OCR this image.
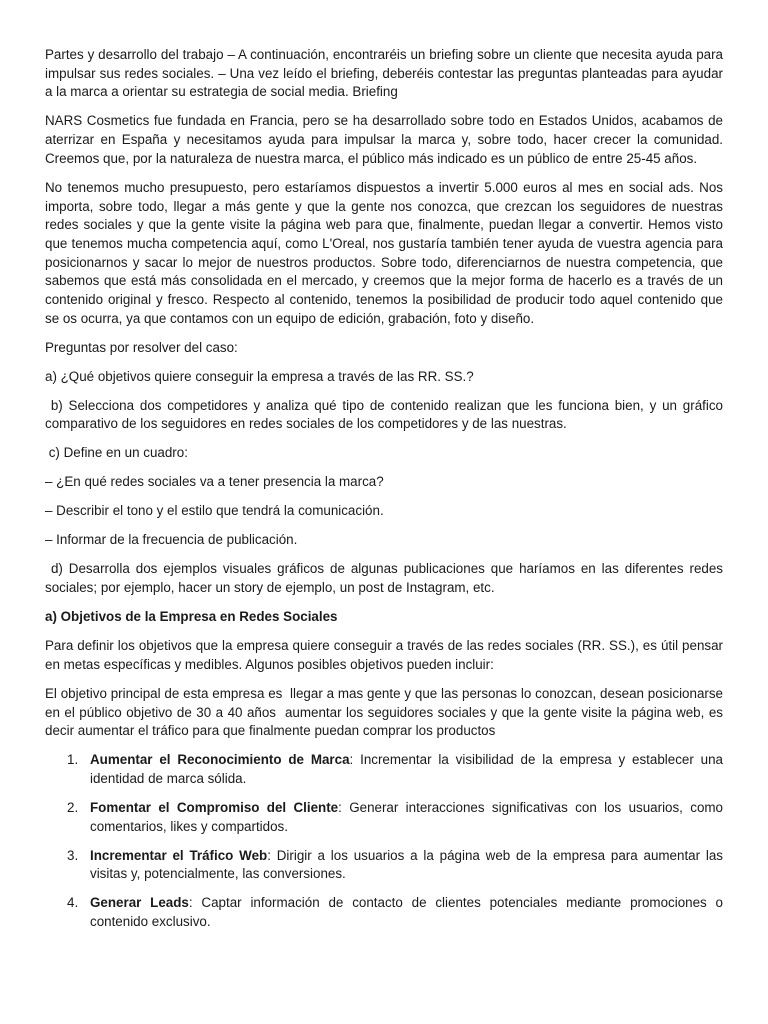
Partes y desarrollo del trabajo – A continuación, encontraréis un briefing sobre un cliente que necesita ayuda para impulsar sus redes sociales. – Una vez leído el briefing, deberéis contestar las preguntas planteadas para ayudar a la marca a orientar su estrategia de social media. Briefing

NARS Cosmetics fue fundada en Francia, pero se ha desarrollado sobre todo en Estados Unidos, acabamos de aterrizar en España y necesitamos ayuda para impulsar la marca y, sobre todo, hacer crecer la comunidad. Creemos que, por la naturaleza de nuestra marca, el público más indicado es un público de entre 25-45 años.

No tenemos mucho presupuesto, pero estaríamos dispuestos a invertir 5.000 euros al mes en social ads. Nos importa, sobre todo, llegar a más gente y que la gente nos conozca, que crezcan los seguidores de nuestras redes sociales y que la gente visite la página web para que, finalmente, puedan llegar a convertir. Hemos visto que tenemos mucha competencia aquí, como L'Oreal, nos gustaría también tener ayuda de vuestra agencia para posicionarnos y sacar lo mejor de nuestros productos. Sobre todo, diferenciarnos de nuestra competencia, que sabemos que está más consolidada en el mercado, y creemos que la mejor forma de hacerlo es a través de un contenido original y fresco. Respecto al contenido, tenemos la posibilidad de producir todo aquel contenido que se os ocurra, ya que contamos con un equipo de edición, grabación, foto y diseño.

Preguntas por resolver del caso:

a) ¿Qué objetivos quiere conseguir la empresa a través de las RR. SS.?

b) Selecciona dos competidores y analiza qué tipo de contenido realizan que les funciona bien, y un gráfico comparativo de los seguidores en redes sociales de los competidores y de las nuestras.

c) Define en un cuadro:

– ¿En qué redes sociales va a tener presencia la marca?

– Describir el tono y el estilo que tendrá la comunicación.

– Informar de la frecuencia de publicación.

d) Desarrolla dos ejemplos visuales gráficos de algunas publicaciones que haríamos en las diferentes redes sociales; por ejemplo, hacer un story de ejemplo, un post de Instagram, etc.

a) Objetivos de la Empresa en Redes Sociales

Para definir los objetivos que la empresa quiere conseguir a través de las redes sociales (RR. SS.), es útil pensar en metas específicas y medibles. Algunos posibles objetivos pueden incluir:

El objetivo principal de esta empresa es  llegar a mas gente y que las personas lo conozcan, desean posicionarse en el público objetivo de 30 a 40 años  aumentar los seguidores sociales y que la gente visite la página web, es decir aumentar el tráfico para que finalmente puedan comprar los productos

1. Aumentar el Reconocimiento de Marca: Incrementar la visibilidad de la empresa y establecer una identidad de marca sólida.
2. Fomentar el Compromiso del Cliente: Generar interacciones significativas con los usuarios, como comentarios, likes y compartidos.
3. Incrementar el Tráfico Web: Dirigir a los usuarios a la página web de la empresa para aumentar las visitas y, potencialmente, las conversiones.
4. Generar Leads: Captar información de contacto de clientes potenciales mediante promociones o contenido exclusivo.
